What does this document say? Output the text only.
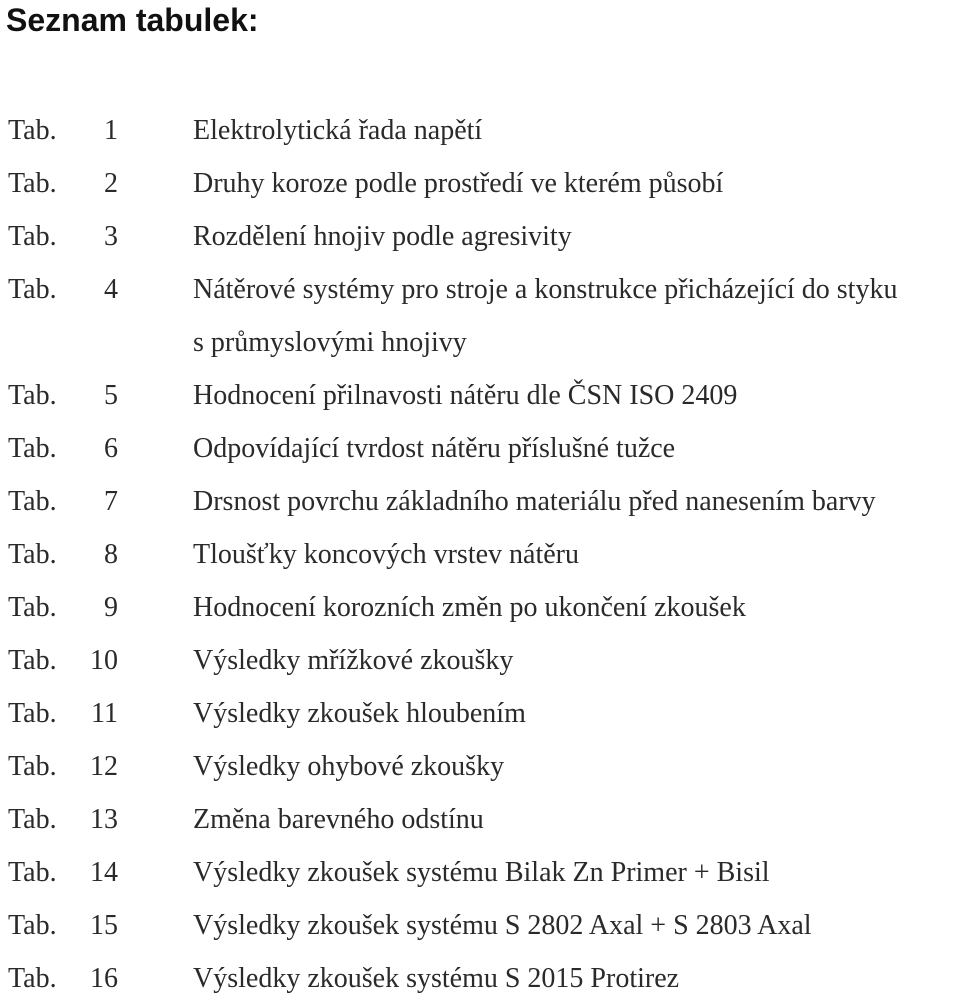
Seznam tabulek:
Tab.	1	Elektrolytická řada napětí
Tab.	2	Druhy koroze podle prostředí ve kterém působí
Tab.	3	Rozdělení hnojiv podle agresivity
Tab.	4	Nátěrové systémy pro stroje a konstrukce přicházející do styku
s průmyslovými hnojivy
Tab.	5	Hodnocení přilnavosti nátěru dle ČSN ISO 2409
Tab.	6	Odpovídající tvrdost nátěru příslušné tužce
Tab.	7	Drsnost povrchu základního materiálu před nanesením barvy
Tab.	8	Tloušťky koncových vrstev nátěru
Tab.	9	Hodnocení korozních změn po ukončení zkoušek
Tab.	10	Výsledky mřížkové zkoušky
Tab.	11	Výsledky zkoušek hloubením
Tab.	12	Výsledky ohybové zkoušky
Tab.	13	Změna barevného odstínu
Tab.	14	Výsledky zkoušek systému Bilak Zn Primer + Bisil
Tab.	15	Výsledky zkoušek systému S 2802 Axal + S 2803 Axal
Tab.	16	Výsledky zkoušek systému S 2015 Protirez
